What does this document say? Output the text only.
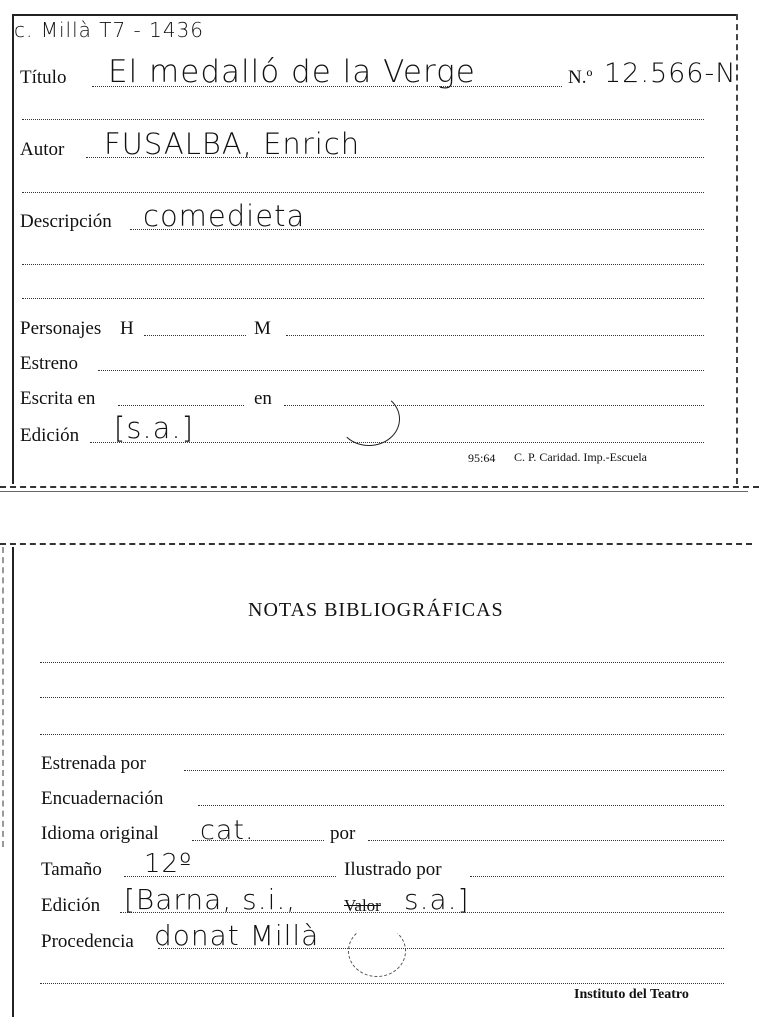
c. Millà T7 - 1436
Título El medalló de la Verge	N.º 12.566-N
Autor FUSALBA, Enrich
Descripción comedieta
Personajes H	M
Estreno
Escrita en	en
Edición [s.a.]
95:64 C. P. Caridad. Imp.-Escuela
NOTAS BIBLIOGRÁFICAS
Estrenada por
Encuadernación
Idioma original cat.	por
Tamaño 12º	Ilustrado por
Edición [Barna, s.i.,	Valor s.a.]
Procedencia donat Millà
Instituto del Teatro
